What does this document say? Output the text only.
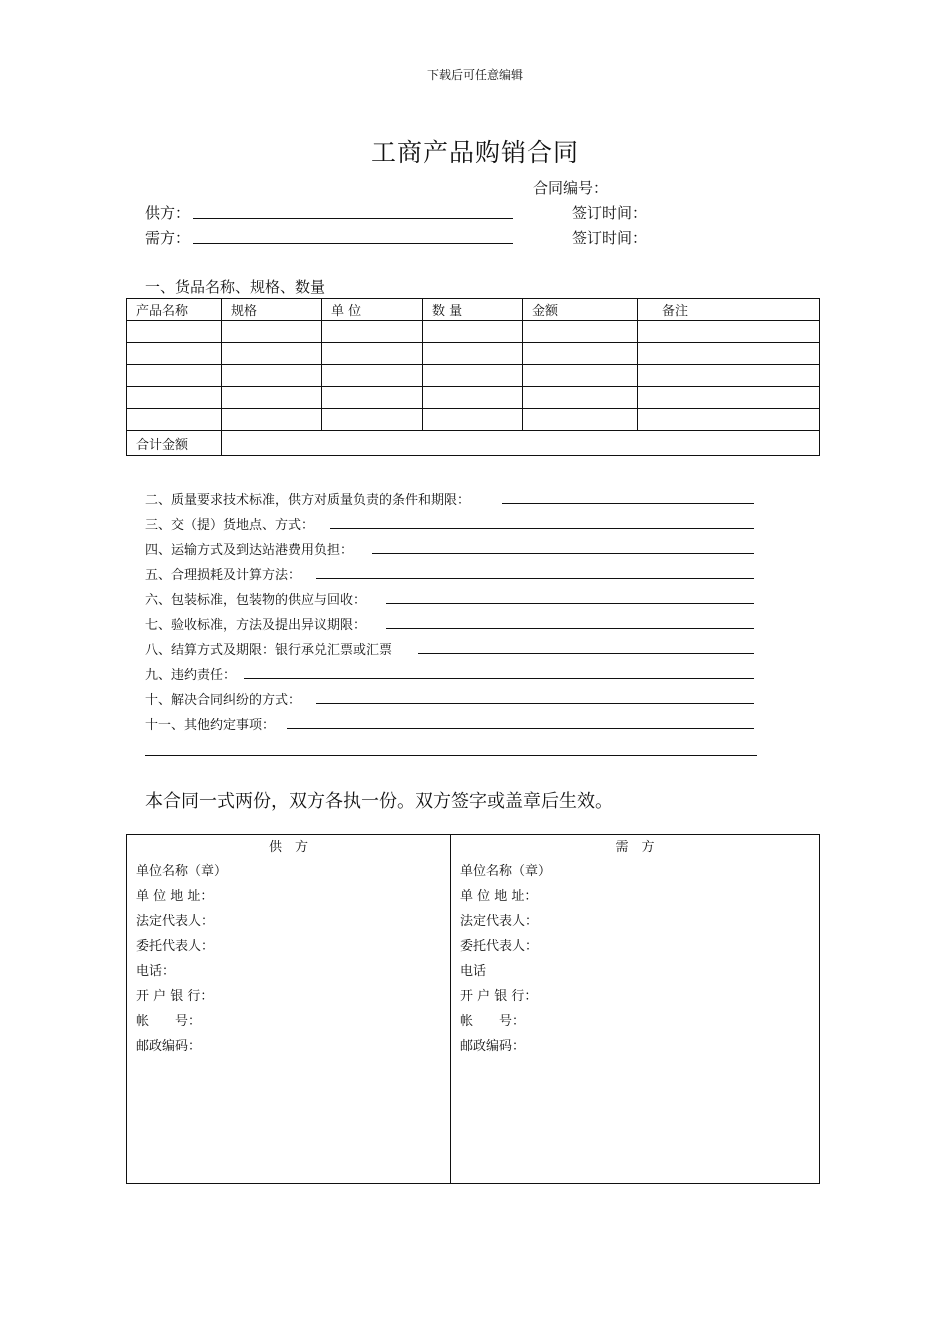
下载后可任意编辑
工商产品购销合同
合同编号：
供方：	签订时间：
需方：	签订时间：
一、货品名称、规格、数量
产品名称	规格	单 位	数 量	金额	备注

合计金额					
二、质量要求技术标准，供方对质量负责的条件和期限：
三、交（提）货地点、方式：
四、运输方式及到达站港费用负担：
五、合理损耗及计算方法：
六、包装标准，包装物的供应与回收：
七、验收标准，方法及提出异议期限：
八、结算方式及期限：银行承兑汇票或汇票
九、违约责任：
十、解决合同纠纷的方式：
十一、其他约定事项：
本合同一式两份，双方各执一份。双方签字或盖章后生效。
供　方
单位名称（章）
单 位 地 址：
法定代表人：
委托代表人：
电话：
开 户 银 行：
帐　　号：
邮政编码：

需　方
单位名称（章）
单 位 地 址：
法定代表人：
委托代表人：
电话
开 户 银 行：
帐　　号：
邮政编码：
